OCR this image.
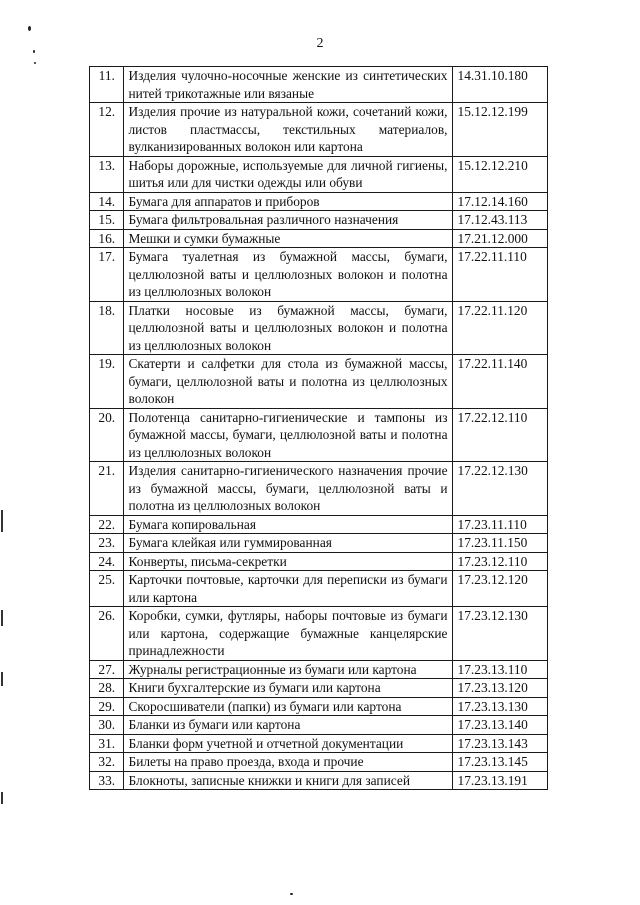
2
11.	Изделия чулочно-носочные женские из синтетических нитей трикотажные или вязаные	14.31.10.180
12.	Изделия прочие из натуральной кожи, сочетаний кожи, листов пластмассы, текстильных материалов, вулканизированных волокон или картона	15.12.12.199
13.	Наборы дорожные, используемые для личной гигиены, шитья или для чистки одежды или обуви	15.12.12.210
14.	Бумага для аппаратов и приборов	17.12.14.160
15.	Бумага фильтровальная различного назначения	17.12.43.113
16.	Мешки и сумки бумажные	17.21.12.000
17.	Бумага туалетная из бумажной массы, бумаги, целлюлозной ваты и целлюлозных волокон и полотна из целлюлозных волокон	17.22.11.110
18.	Платки носовые из бумажной массы, бумаги, целлюлозной ваты и целлюлозных волокон и полотна из целлюлозных волокон	17.22.11.120
19.	Скатерти и салфетки для стола из бумажной массы, бумаги, целлюлозной ваты и полотна из целлюлозных волокон	17.22.11.140
20.	Полотенца санитарно-гигиенические и тампоны из бумажной массы, бумаги, целлюлозной ваты и полотна из целлюлозных волокон	17.22.12.110
21.	Изделия санитарно-гигиенического назначения прочие из бумажной массы, бумаги, целлюлозной ваты и полотна из целлюлозных волокон	17.22.12.130
22.	Бумага копировальная	17.23.11.110
23.	Бумага клейкая или гуммированная	17.23.11.150
24.	Конверты, письма-секретки	17.23.12.110
25.	Карточки почтовые, карточки для переписки из бумаги или картона	17.23.12.120
26.	Коробки, сумки, футляры, наборы почтовые из бумаги или картона, содержащие бумажные канцелярские принадлежности	17.23.12.130
27.	Журналы регистрационные из бумаги или картона	17.23.13.110
28.	Книги бухгалтерские из бумаги или картона	17.23.13.120
29.	Скоросшиватели (папки) из бумаги или картона	17.23.13.130
30.	Бланки из бумаги или картона	17.23.13.140
31.	Бланки форм учетной и отчетной документации	17.23.13.143
32.	Билеты на право проезда, входа и прочие	17.23.13.145
33.	Блокноты, записные книжки и книги для записей	17.23.13.191
